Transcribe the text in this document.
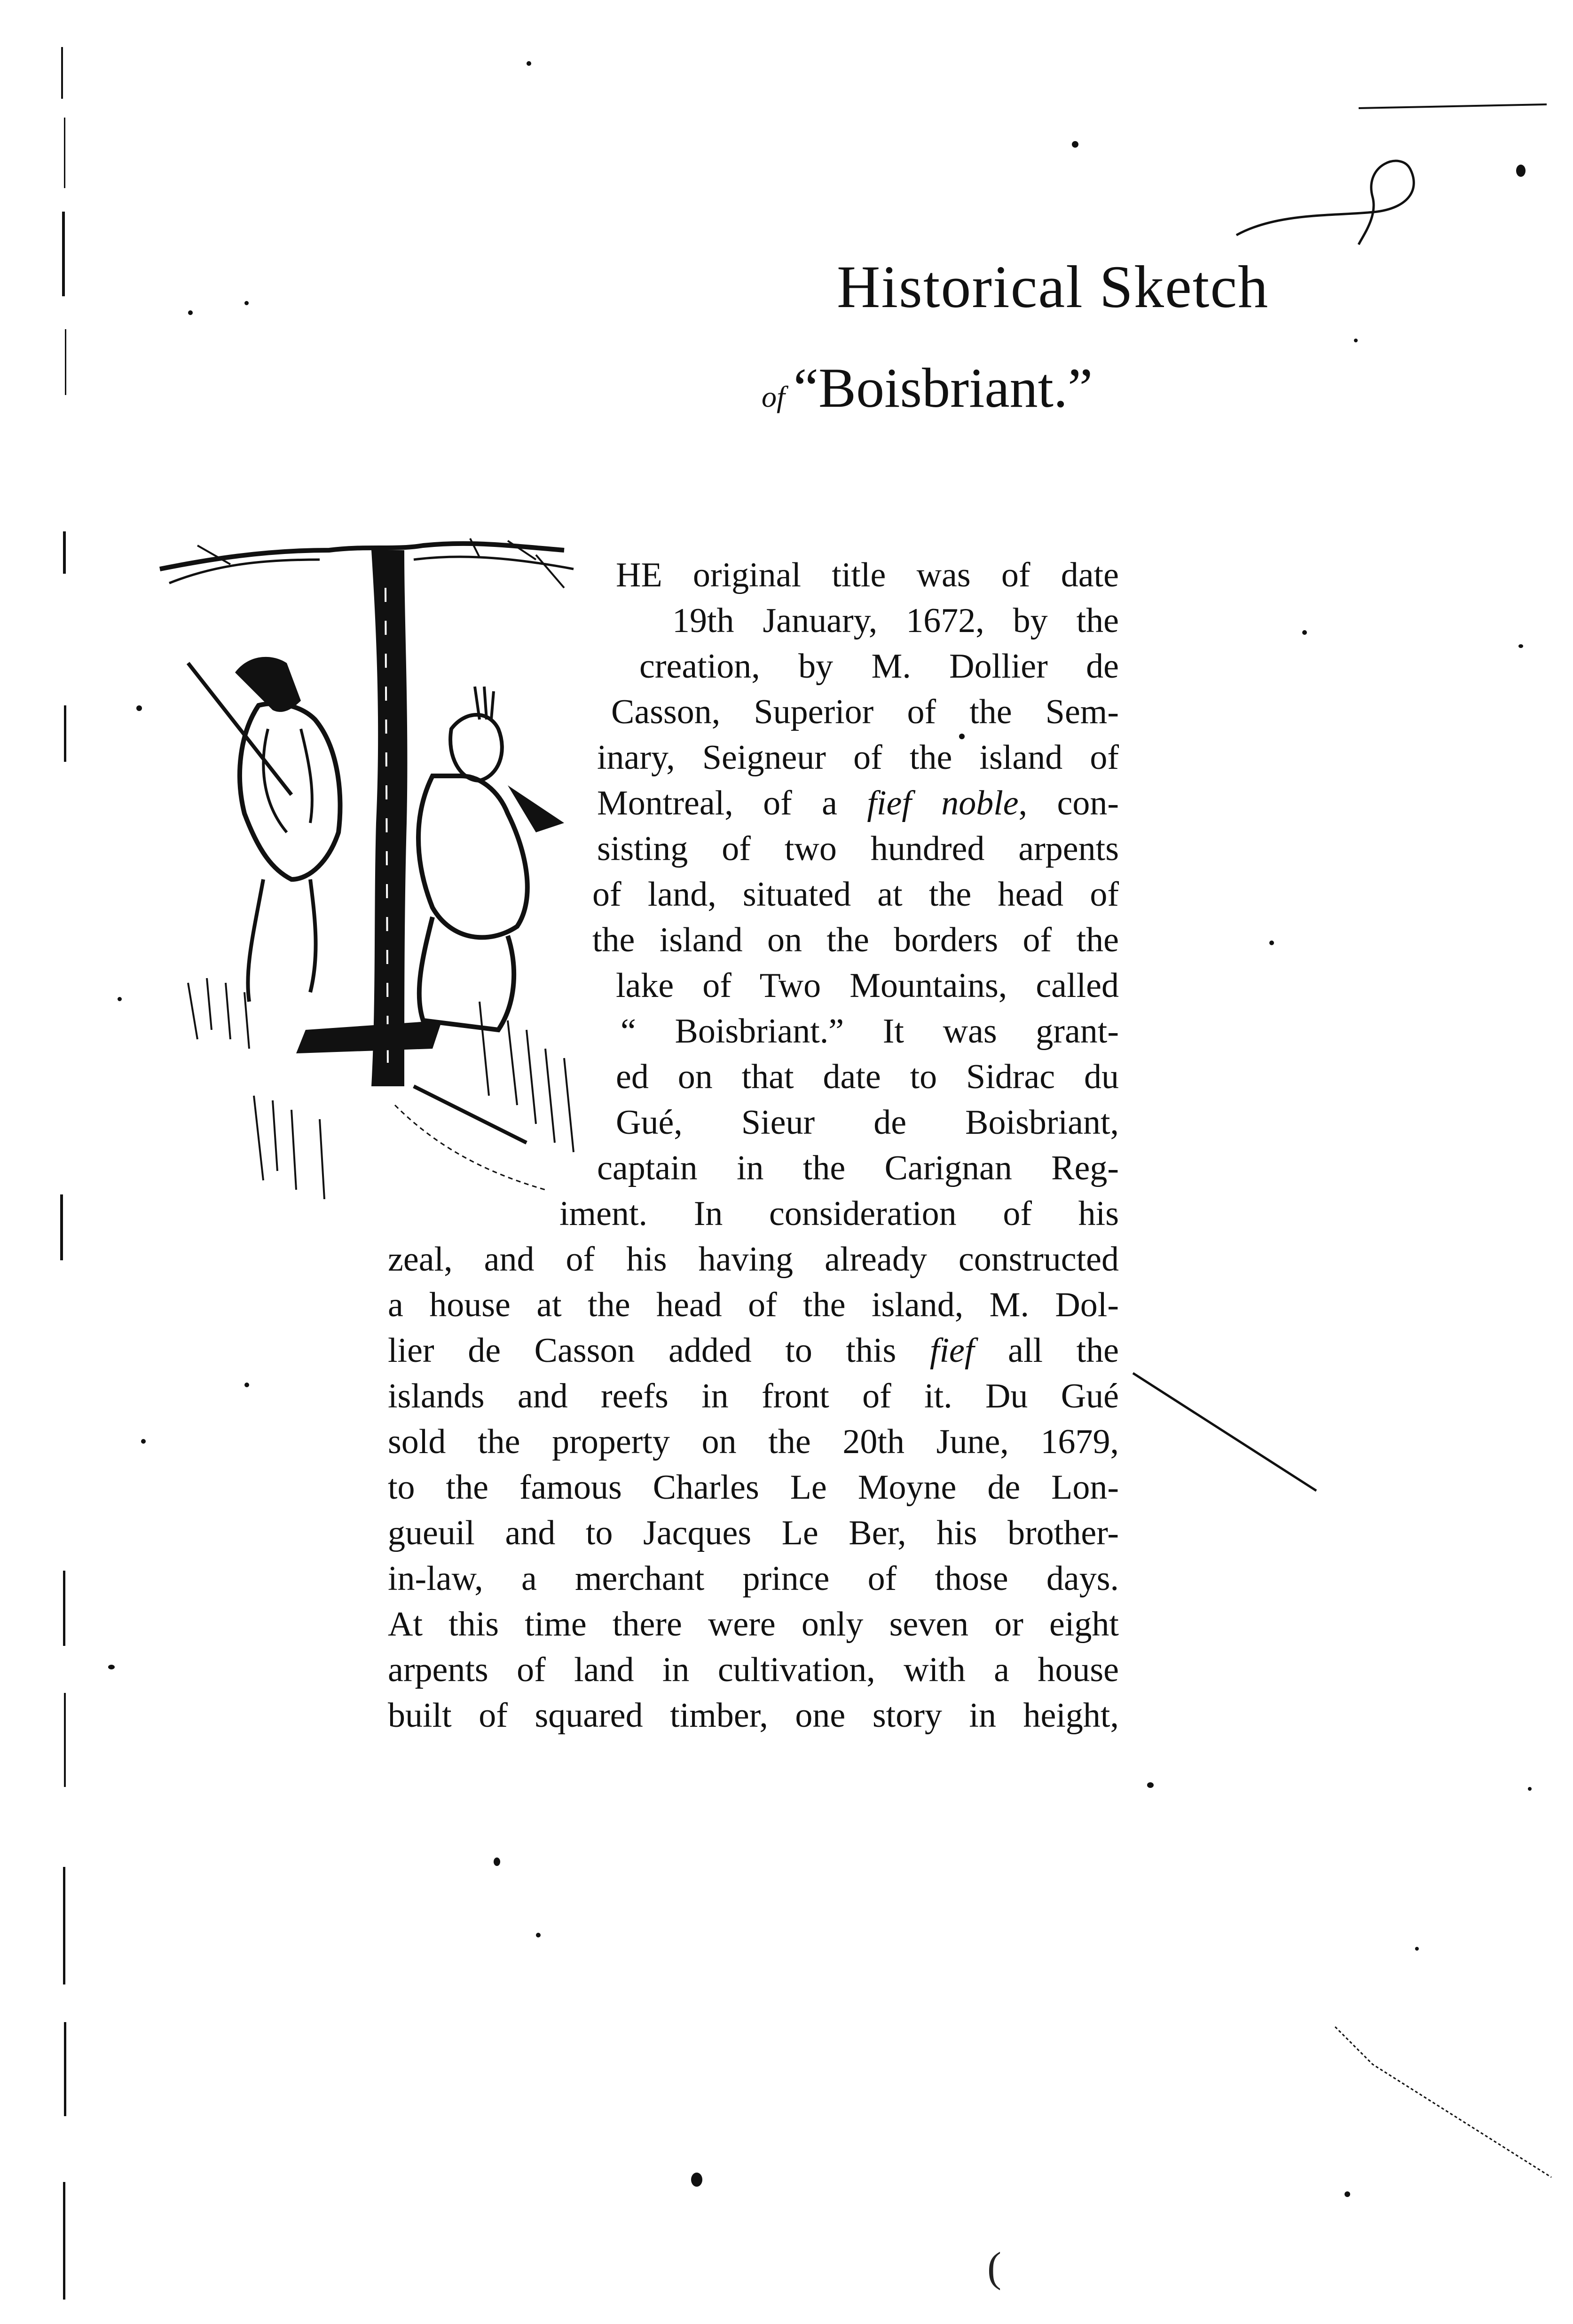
Historical Sketch
of “Boisbriant.”
HE original title was of date
19th January, 1672, by the
creation, by M. Dollier de
Casson, Superior of the Sem-
inary, Seigneur of the island of
Montreal, of a fief noble, con-
sisting of two hundred arpents
of land, situated at the head of
the island on the borders of the
lake of Two Mountains, called
“ Boisbriant.” It was grant-
ed on that date to Sidrac du
Gué, Sieur de Boisbriant,
captain in the Carignan Reg-
iment. In consideration of his
zeal, and of his having already constructed
a house at the head of the island, M. Dol-
lier de Casson added to this fief all the
islands and reefs in front of it. Du Gué
sold the property on the 20th June, 1679,
to the famous Charles Le Moyne de Lon-
gueuil and to Jacques Le Ber, his brother-
in-law, a merchant prince of those days.
At this time there were only seven or eight
arpents of land in cultivation, with a house
built of squared timber, one story in height,
(
